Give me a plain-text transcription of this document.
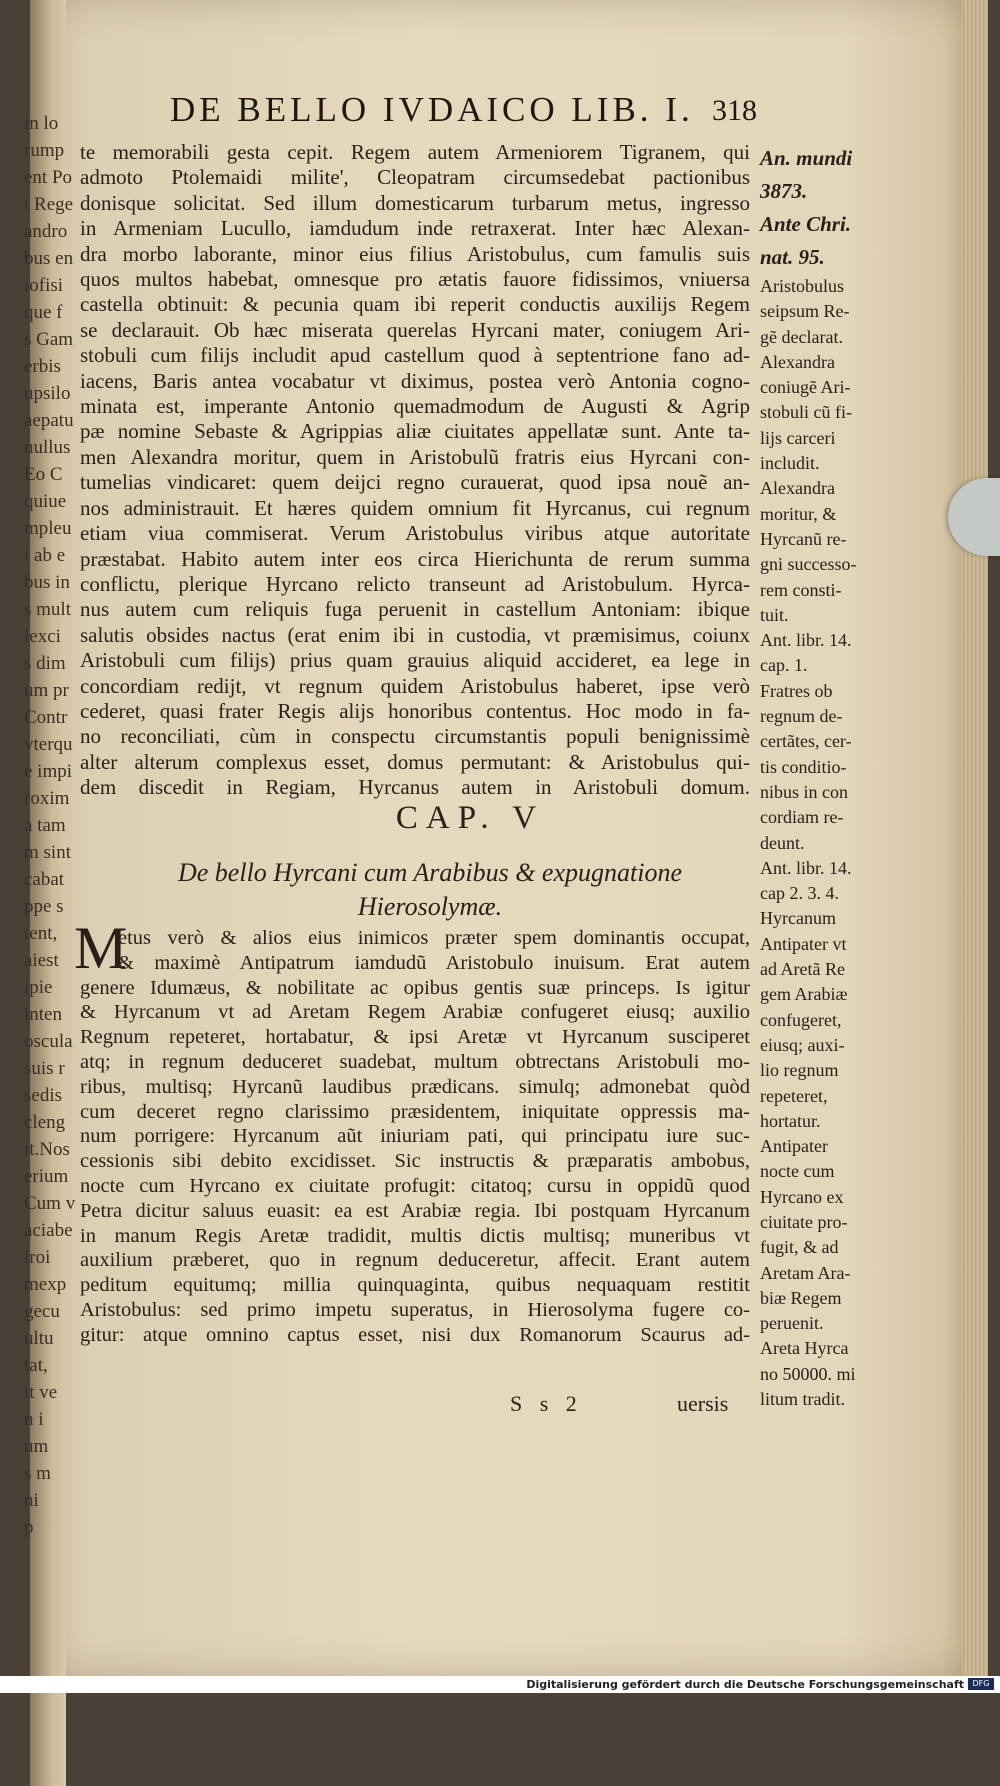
in lo
rump
ent Po
t Rege
andro
bus en
iofisi
que f
s Gam
erbis
upsilo
aepatu
nullus
Eo C
quiue
mpleu
i ab e
bus in
s mult
iexci
s dim
um pr
Contr
vterqu
e impi
roxim
a tam
m sint
cabat
ppe s
tent,
aiest
ipie
inten
oscula
suis r
sedis
cleng
it.Nos
erium
Cum v
aciabe
iroi
mexp
gecu
ultu
tat,
it ve
n i
um
s m
ni
p
DE BELLO IVDAICO LIB. I. 318
te memorabili gesta cepit. Regem autem Armeniorem Tigranem, qui
admoto Ptolemaidi milite', Cleopatram circumsedebat pactionibus
donisque solicitat. Sed illum domesticarum turbarum metus, ingresso
in Armeniam Lucullo, iamdudum inde retraxerat. Inter hæc Alexan-
dra morbo laborante, minor eius filius Aristobulus, cum famulis suis
quos multos habebat, omnesque pro ætatis fauore fidissimos, vniuersa
castella obtinuit: & pecunia quam ibi reperit conductis auxilijs Regem
se declarauit. Ob hæc miserata querelas Hyrcani mater, coniugem Ari-
stobuli cum filijs includit apud castellum quod à septentrione fano ad-
iacens, Baris antea vocabatur vt diximus, postea verò Antonia cogno-
minata est, imperante Antonio quemadmodum de Augusti & Agrip
pæ nomine Sebaste & Agrippias aliæ ciuitates appellatæ sunt. Ante ta-
men Alexandra moritur, quem in Aristobulũ fratris eius Hyrcani con-
tumelias vindicaret: quem deijci regno curauerat, quod ipsa nouẽ an-
nos administrauit. Et hæres quidem omnium fit Hyrcanus, cui regnum
etiam viua commiserat. Verum Aristobulus viribus atque autoritate
præstabat. Habito autem inter eos circa Hierichunta de rerum summa
conflictu, plerique Hyrcano relicto transeunt ad Aristobulum. Hyrca-
nus autem cum reliquis fuga peruenit in castellum Antoniam: ibique
salutis obsides nactus (erat enim ibi in custodia, vt præmisimus, coiunx
Aristobuli cum filijs) prius quam grauius aliquid accideret, ea lege in
concordiam redijt, vt regnum quidem Aristobulus haberet, ipse verò
cederet, quasi frater Regis alijs honoribus contentus. Hoc modo in fa-
no reconciliati, cùm in conspectu circumstantis populi benignissimè
alter alterum complexus esset, domus permutant: & Aristobulus qui-
dem discedit in Regiam, Hyrcanus autem in Aristobuli domum.
CAP. V
De bello Hyrcani cum Arabibus & expugnatione
Hierosolymæ.
M
etus verò & alios eius inimicos præter spem dominantis occupat,
& maximè Antipatrum iamdudũ Aristobulo inuisum. Erat autem
genere Idumæus, & nobilitate ac opibus gentis suæ princeps. Is igitur
& Hyrcanum vt ad Aretam Regem Arabiæ confugeret eiusq; auxilio
Regnum repeteret, hortabatur, & ipsi Aretæ vt Hyrcanum susciperet
atq; in regnum deduceret suadebat, multum obtrectans Aristobuli mo-
ribus, multisq; Hyrcanũ laudibus prædicans. simulq; admonebat quòd
cum deceret regno clarissimo præsidentem, iniquitate oppressis ma-
num porrigere: Hyrcanum aũt iniuriam pati, qui principatu iure suc-
cessionis sibi debito excidisset. Sic instructis & præparatis ambobus,
nocte cum Hyrcano ex ciuitate profugit: citatoq; cursu in oppidũ quod
Petra dicitur saluus euasit: ea est Arabiæ regia. Ibi postquam Hyrcanum
in manum Regis Aretæ tradidit, multis dictis multisq; muneribus vt
auxilium præberet, quo in regnum deduceretur, affecit. Erant autem
peditum equitumq; millia quinquaginta, quibus nequaquam restitit
Aristobulus: sed primo impetu superatus, in Hierosolyma fugere co-
gitur: atque omnino captus esset, nisi dux Romanorum Scaurus ad-
An. mundi
3873.
Ante Chri.
nat. 95.
Aristobulus
seipsum Re-
gẽ declarat.
Alexandra
coniugẽ Ari-
stobuli cũ fi-
lijs carceri
includit.
Alexandra
moritur, &
Hyrcanũ re-
gni successo-
rem consti-
tuit.
Ant. libr. 14.
cap. 1.
Fratres ob
regnum de-
certãtes, cer-
tis conditio-
nibus in con
cordiam re-
deunt.
Ant. libr. 14.
cap 2. 3. 4.
Hyrcanum
Antipater vt
ad Aretã Re
gem Arabiæ
confugeret,
eiusq; auxi-
lio regnum
repeteret,
hortatur.
Antipater
nocte cum
Hyrcano ex
ciuitate pro-
fugit, & ad
Aretam Ara-
biæ Regem
peruenit.
Areta Hyrca
no 50000. mi
litum tradit.
S s 2	uersis
Digitalisierung gefördert durch die Deutsche Forschungsgemeinschaft	DFG
